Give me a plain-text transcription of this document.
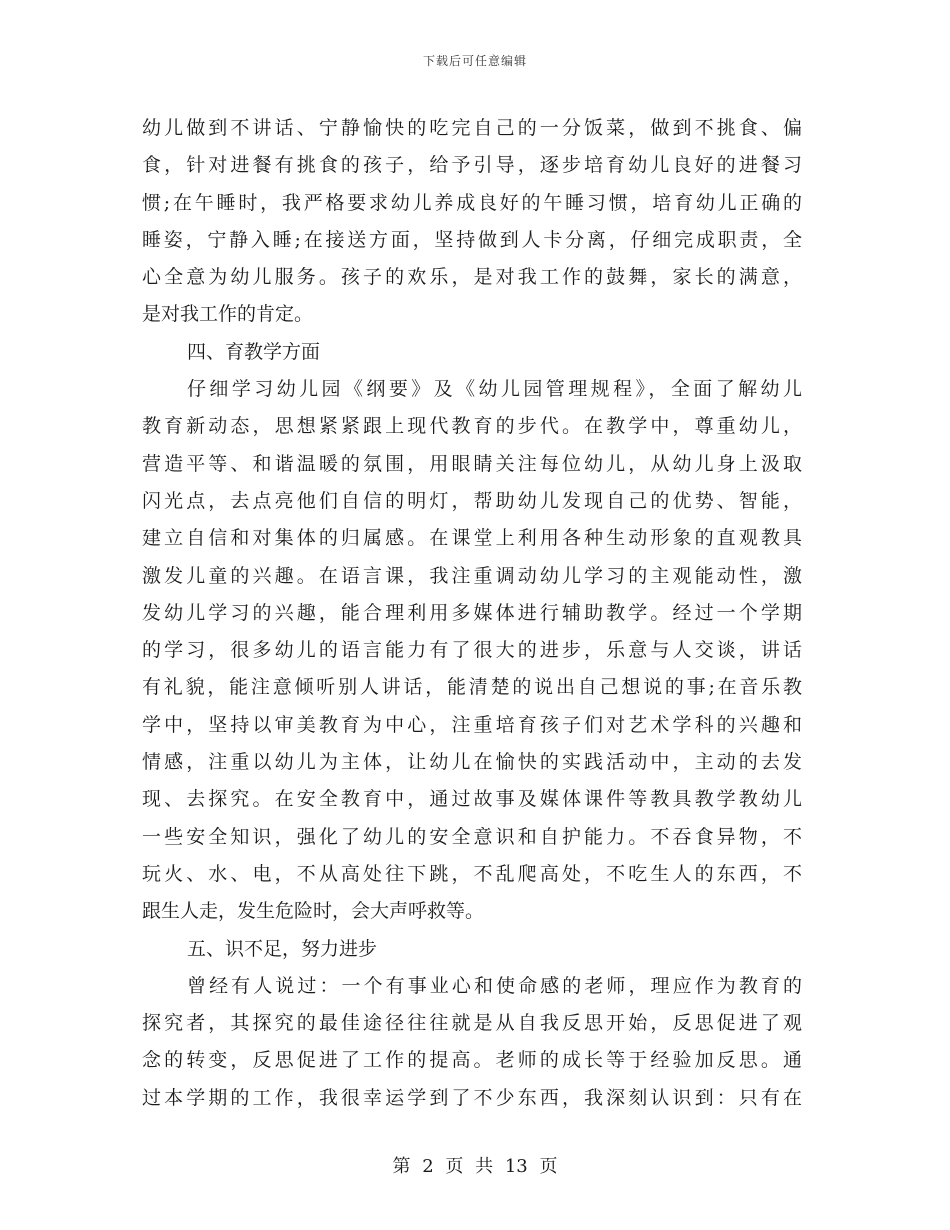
下载后可任意编辑
幼儿做到不讲话、宁静愉快的吃完自己的一分饭菜，做到不挑食、偏
食，针对进餐有挑食的孩子，给予引导，逐步培育幼儿良好的进餐习
惯;在午睡时，我严格要求幼儿养成良好的午睡习惯，培育幼儿正确的
睡姿，宁静入睡;在接送方面，坚持做到人卡分离，仔细完成职责，全
心全意为幼儿服务。孩子的欢乐，是对我工作的鼓舞，家长的满意，
是对我工作的肯定。
四、育教学方面
仔细学习幼儿园《纲要》及《幼儿园管理规程》，全面了解幼儿
教育新动态，思想紧紧跟上现代教育的步代。在教学中，尊重幼儿，
营造平等、和谐温暖的氛围，用眼睛关注每位幼儿，从幼儿身上汲取
闪光点，去点亮他们自信的明灯，帮助幼儿发现自己的优势、智能，
建立自信和对集体的归属感。在课堂上利用各种生动形象的直观教具
激发儿童的兴趣。在语言课，我注重调动幼儿学习的主观能动性，激
发幼儿学习的兴趣，能合理利用多媒体进行辅助教学。经过一个学期
的学习，很多幼儿的语言能力有了很大的进步，乐意与人交谈，讲话
有礼貌，能注意倾听别人讲话，能清楚的说出自己想说的事;在音乐教
学中，坚持以审美教育为中心，注重培育孩子们对艺术学科的兴趣和
情感，注重以幼儿为主体，让幼儿在愉快的实践活动中，主动的去发
现、去探究。在安全教育中，通过故事及媒体课件等教具教学教幼儿
一些安全知识，强化了幼儿的安全意识和自护能力。不吞食异物，不
玩火、水、电，不从高处往下跳，不乱爬高处，不吃生人的东西，不
跟生人走，发生危险时，会大声呼救等。
五、识不足，努力进步
曾经有人说过：一个有事业心和使命感的老师，理应作为教育的
探究者，其探究的最佳途径往往就是从自我反思开始，反思促进了观
念的转变，反思促进了工作的提高。老师的成长等于经验加反思。通
过本学期的工作，我很幸运学到了不少东西，我深刻认识到：只有在
第 2 页 共 13 页
